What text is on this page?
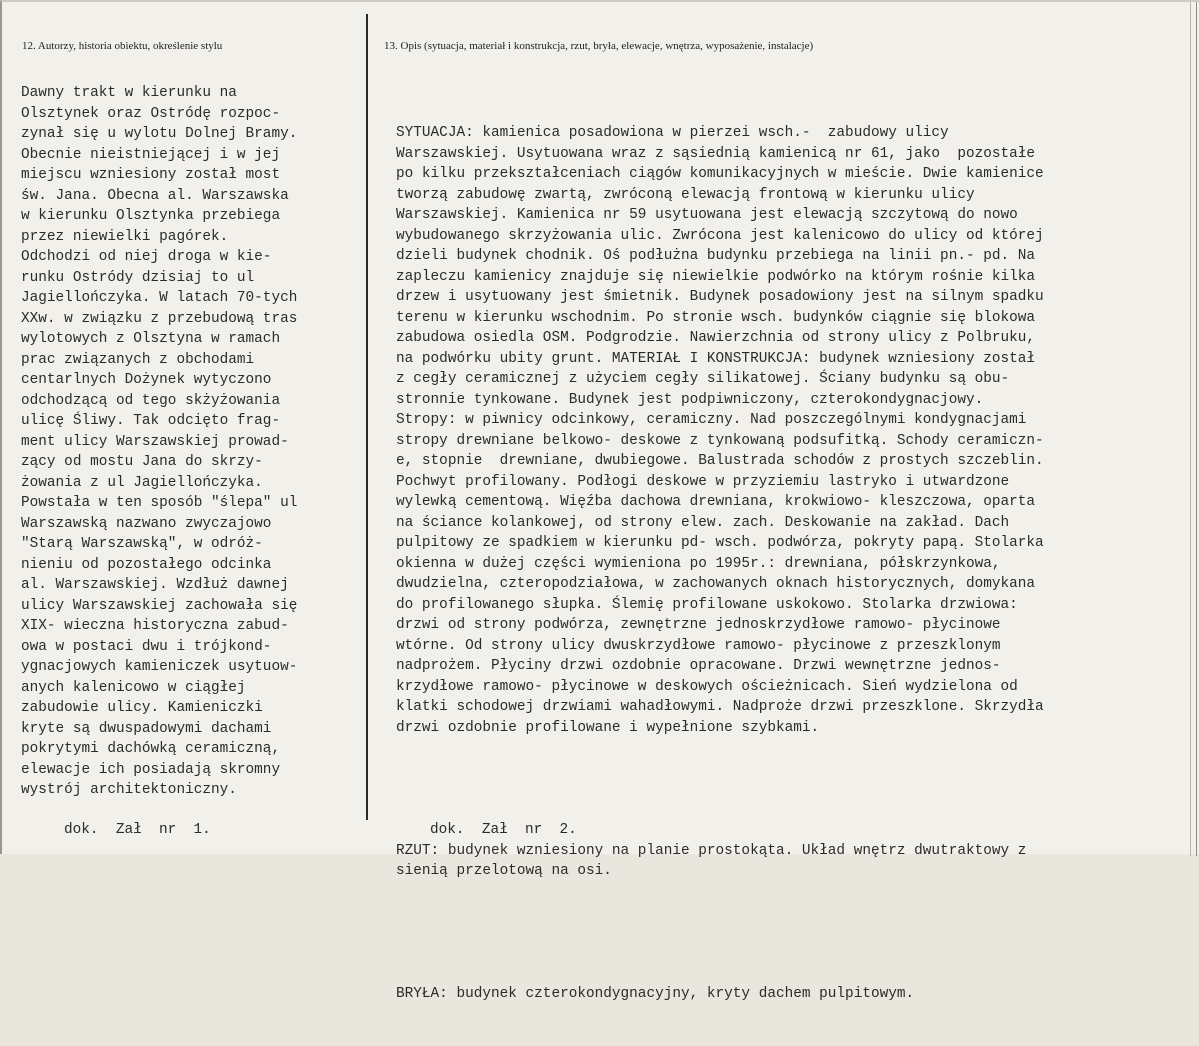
12. Autorzy, historia obiektu, określenie stylu	13. Opis (sytuacja, materiał i konstrukcja, rzut, bryła, elewacje, wnętrza, wyposażenie, instalacje)
Dawny trakt w kierunku na
Olsztynek oraz Ostródę rozpoc-
zynał się u wylotu Dolnej Bramy.
Obecnie nieistniejącej i w jej
miejscu wzniesiony został most
św. Jana. Obecna al. Warszawska
w kierunku Olsztynka przebiega
przez niewielki pagórek.
Odchodzi od niej droga w kie-
runku Ostródy dzisiaj to ul
Jagiellończyka. W latach 70-tych
XXw. w związku z przebudową tras
wylotowych z Olsztyna w ramach
prac związanych z obchodami
centarlnych Dożynek wytyczono
odchodzącą od tego skżyżowania
ulicę Śliwy. Tak odcięto frag-
ment ulicy Warszawskiej prowad-
zący od mostu Jana do skrzy-
żowania z ul Jagiellończyka.
Powstała w ten sposób "ślepa" ul
Warszawską nazwano zwyczajowo
"Starą Warszawską", w odróż-
nieniu od pozostałego odcinka
al. Warszawskiej. Wzdłuż dawnej
ulicy Warszawskiej zachowała się
XIX- wieczna historyczna zabud-
owa w postaci dwu i trójkond-
ygnacjowych kamieniczek usytuow-
anych kalenicowo w ciągłej
zabudowie ulicy. Kamieniczki
kryte są dwuspadowymi dachami
pokrytymi dachówką ceramiczną,
elewacje ich posiadają skromny
wystrój architektoniczny.

SYTUACJA: kamienica posadowiona w pierzei wsch.-  zabudowy ulicy
Warszawskiej. Usytuowana wraz z sąsiednią kamienicą nr 61, jako  pozostałe
po kilku przekształceniach ciągów komunikacyjnych w mieście. Dwie kamienice
tworzą zabudowę zwartą, zwróconą elewacją frontową w kierunku ulicy
Warszawskiej. Kamienica nr 59 usytuowana jest elewacją szczytową do nowo
wybudowanego skrzyżowania ulic. Zwrócona jest kalenicowo do ulicy od której
dzieli budynek chodnik. Oś podłużna budynku przebiega na linii pn.- pd. Na
zapleczu kamienicy znajduje się niewielkie podwórko na którym rośnie kilka
drzew i usytuowany jest śmietnik. Budynek posadowiony jest na silnym spadku
terenu w kierunku wschodnim. Po stronie wsch. budynków ciągnie się blokowa
zabudowa osiedla OSM. Podgrodzie. Nawierzchnia od strony ulicy z Polbruku,
na podwórku ubity grunt. MATERIAŁ I KONSTRUKCJA: budynek wzniesiony został
z cegły ceramicznej z użyciem cegły silikatowej. Ściany budynku są obu-
stronnie tynkowane. Budynek jest podpiwniczony, czterokondygnacjowy.
Stropy: w piwnicy odcinkowy, ceramiczny. Nad poszczególnymi kondygnacjami
stropy drewniane belkowo- deskowe z tynkowaną podsufitką. Schody ceramiczn-
e, stopnie  drewniane, dwubiegowe. Balustrada schodów z prostych szczeblin.
Pochwyt profilowany. Podłogi deskowe w przyziemiu lastryko i utwardzone
wylewką cementową. Więźba dachowa drewniana, krokwiowo- kleszczowa, oparta
na ściance kolankowej, od strony elew. zach. Deskowanie na zakład. Dach
pulpitowy ze spadkiem w kierunku pd- wsch. podwórza, pokryty papą. Stolarka
okienna w dużej części wymieniona po 1995r.: drewniana, półskrzynkowa,
dwudzielna, czteropodziałowa, w zachowanych oknach historycznych, domykana
do profilowanego słupka. Ślemię profilowane uskokowo. Stolarka drzwiowa:
drzwi od strony podwórza, zewnętrzne jednoskrzydłowe ramowo- płycinowe
wtórne. Od strony ulicy dwuskrzydłowe ramowo- płycinowe z przeszklonym
nadprożem. Płyciny drzwi ozdobnie opracowane. Drzwi wewnętrzne jednos-
krzydłowe ramowo- płycinowe w deskowych ościeżnicach. Sień wydzielona od
klatki schodowej drzwiami wahadłowymi. Nadproże drzwi przeszklone. Skrzydła
drzwi ozdobnie profilowane i wypełnione szybkami.

RZUT: budynek wzniesiony na planie prostokąta. Układ wnętrz dwutraktowy z
sienią przelotową na osi.

BRYŁA: budynek czterokondygnacyjny, kryty dachem pulpitowym.

dok.  Zał  nr  1.	dok.  Zał  nr  2.
